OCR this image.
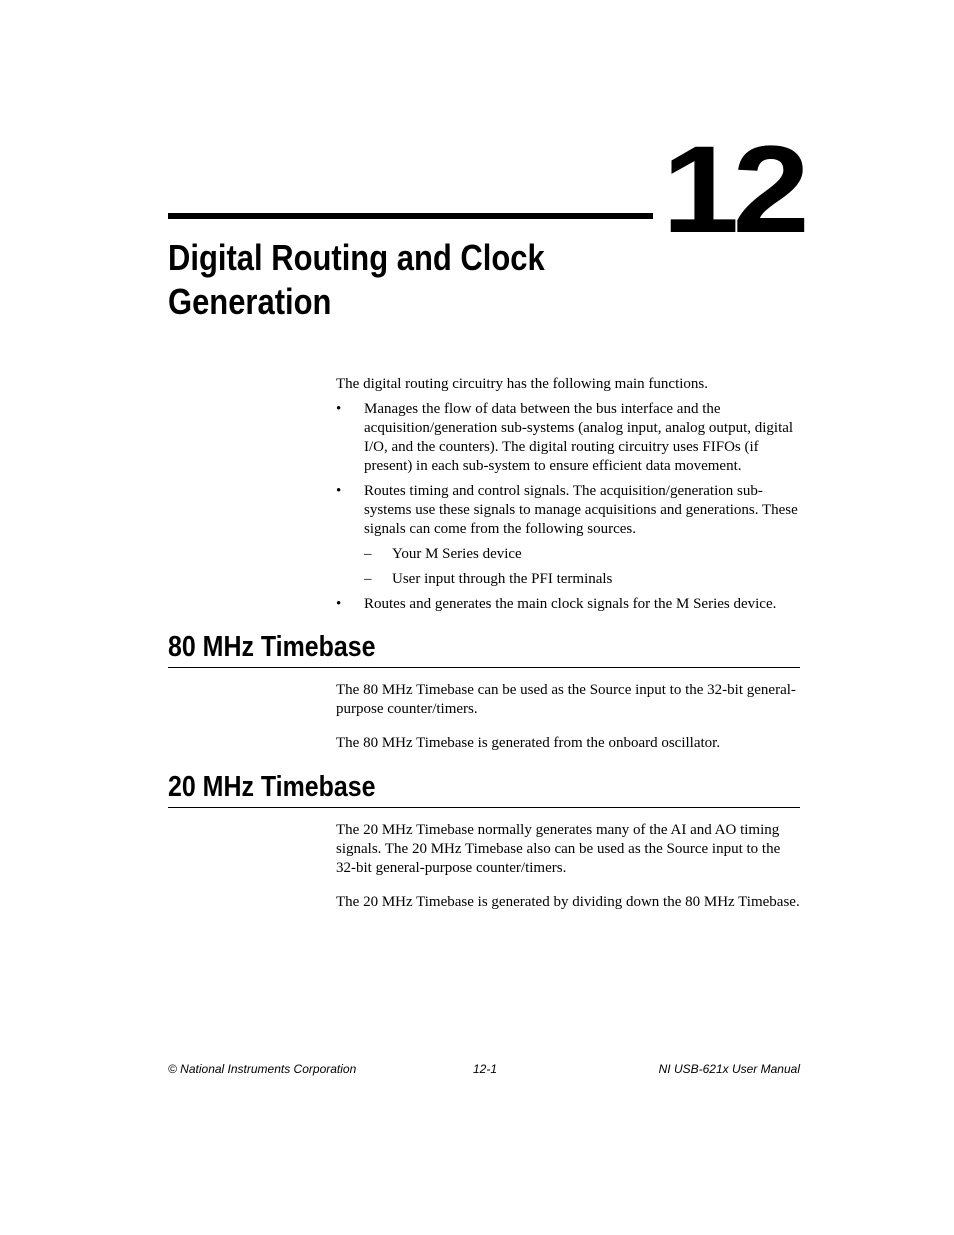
12
Digital Routing and Clock
Generation

The digital routing circuitry has the following main functions.

• Manages the flow of data between the bus interface and the acquisition/generation sub-systems (analog input, analog output, digital I/O, and the counters). The digital routing circuitry uses FIFOs (if present) in each sub-system to ensure efficient data movement.
• Routes timing and control signals. The acquisition/generation sub-systems use these signals to manage acquisitions and generations. These signals can come from the following sources.
– Your M Series device
– User input through the PFI terminals
• Routes and generates the main clock signals for the M Series device.
80 MHz Timebase

The 80 MHz Timebase can be used as the Source input to the 32-bit general-purpose counter/timers.

The 80 MHz Timebase is generated from the onboard oscillator.

20 MHz Timebase

The 20 MHz Timebase normally generates many of the AI and AO timing signals. The 20 MHz Timebase also can be used as the Source input to the 32-bit general-purpose counter/timers.

The 20 MHz Timebase is generated by dividing down the 80 MHz Timebase.

© National Instruments Corporation	12-1	NI USB-621x User Manual
